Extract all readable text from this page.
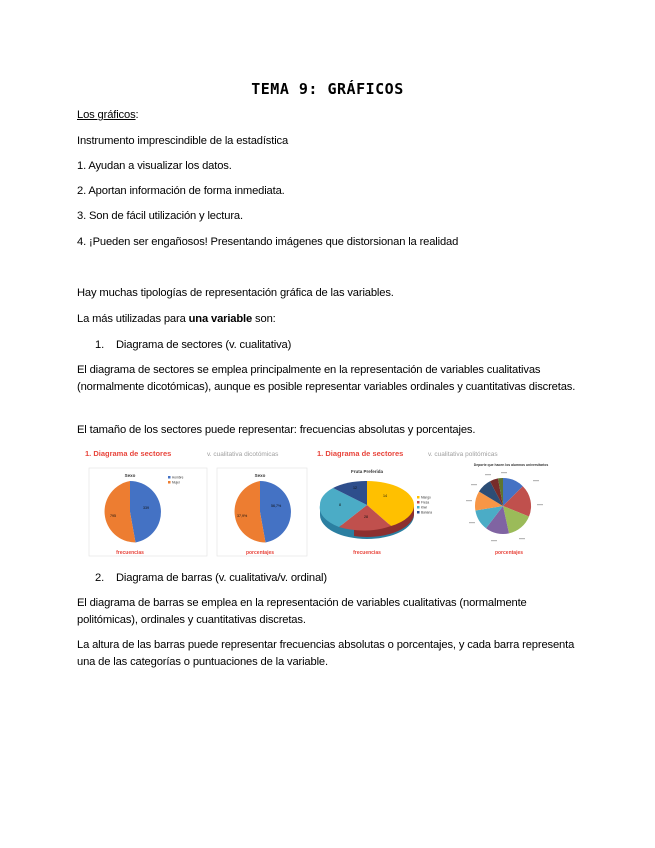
TEMA 9: GRÁFICOS
Los gráficos:
Instrumento imprescindible de la estadística
1. Ayudan a visualizar los datos.
2. Aportan información de forma inmediata.
3. Son de fácil utilización y lectura.
4. ¡Pueden ser engañosos! Presentando imágenes que distorsionan la realidad
Hay muchas tipologías de representación gráfica de las variables.
La más utilizadas para una variable son:
1. Diagrama de sectores (v. cualitativa)
El diagrama de sectores se emplea principalmente en la representación de variables cualitativas (normalmente dicotómicas), aunque es posible representar variables ordinales y cuantitativas discretas.
El tamaño de los sectores puede representar: frecuencias absolutas y porcentajes.
1. Diagrama de sectores	v. cualitativa dicotómicas	1. Diagrama de sectores	v. cualitativa politómicas
Sexo
339
795
Hombre
Mujer
frecuencias
Sexo
56,7%
37,9%
porcentajes
Fruta Preferida
14
28
8
12
Mango
Fresa
Kiwi
Banana
frecuencias
Deporte que hacen los alumnos universitarios
porcentajes
2. Diagrama de barras (v. cualitativa/v. ordinal)
El diagrama de barras se emplea en la representación de variables cualitativas (normalmente politómicas), ordinales y cuantitativas discretas.
La altura de las barras puede representar frecuencias absolutas o porcentajes, y cada barra representa una de las categorías o puntuaciones de la variable.
